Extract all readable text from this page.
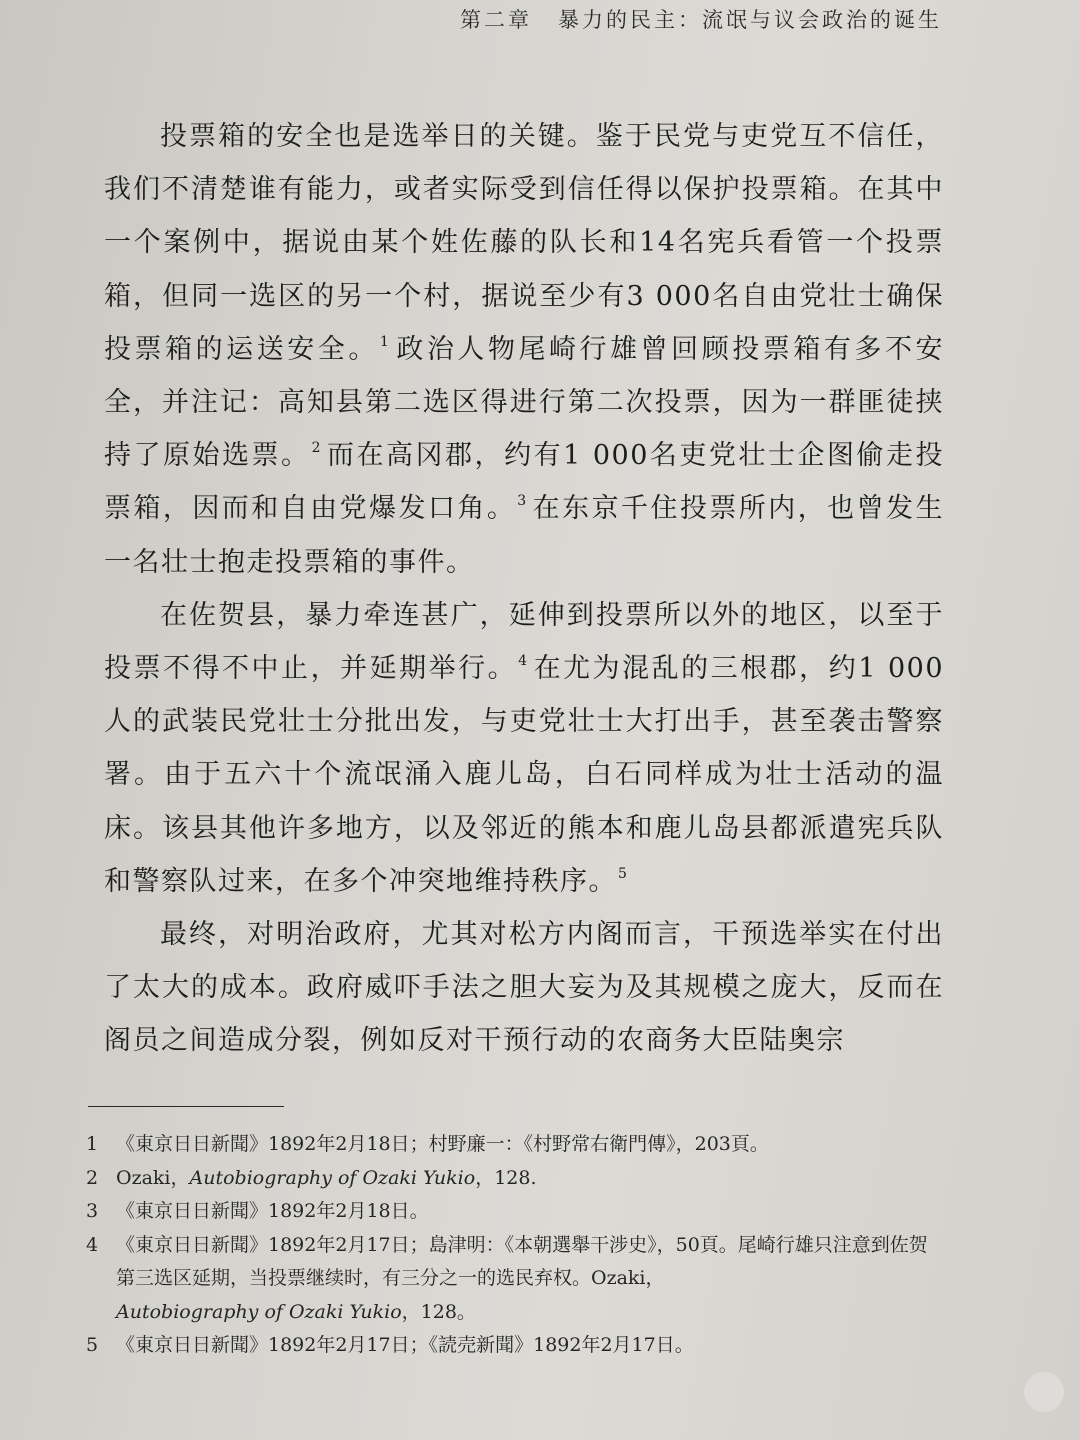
第二章 暴力的民主：流氓与议会政治的诞生

投票箱的安全也是选举日的关键。鉴于民党与吏党互不信任，我们不清楚谁有能力，或者实际受到信任得以保护投票箱。在其中一个案例中，据说由某个姓佐藤的队长和14名宪兵看管一个投票箱，但同一选区的另一个村，据说至少有3 000名自由党壮士确保投票箱的运送安全。$^1$ 政治人物尾崎行雄曾回顾投票箱有多不安全，并注记：高知县第二选区得进行第二次投票，因为一群匪徒挟持了原始选票。$^2$ 而在高冈郡，约有1 000名吏党壮士企图偷走投票箱，因而和自由党爆发口角。$^3$ 在东京千住投票所内，也曾发生一名壮士抱走投票箱的事件。

在佐贺县，暴力牵连甚广，延伸到投票所以外的地区，以至于投票不得不中止，并延期举行。$^4$ 在尤为混乱的三根郡，约1 000人的武装民党壮士分批出发，与吏党壮士大打出手，甚至袭击警察署。由于五六十个流氓涌入鹿儿岛，白石同样成为壮士活动的温床。该县其他许多地方，以及邻近的熊本和鹿儿岛县都派遣宪兵队和警察队过来，在多个冲突地维持秩序。$^5$

最终，对明治政府，尤其对松方内阁而言，干预选举实在付出了太大的成本。政府威吓手法之胆大妄为及其规模之庞大，反而在阁员之间造成分裂，例如反对干预行动的农商务大臣陆奥宗

1 《東京日日新聞》1892年2月18日；村野廉一：《村野常右衛門傳》，203頁。
2 Ozaki，Autobiography of Ozaki Yukio，128.
3 《東京日日新聞》1892年2月18日。
4 《東京日日新聞》1892年2月17日；島津明：《本朝選舉干涉史》，50頁。尾崎行雄只注意到佐贺第三选区延期，当投票继续时，有三分之一的选民弃权。Ozaki，
Autobiography of Ozaki Yukio，128。
5 《東京日日新聞》1892年2月17日；《読売新聞》1892年2月17日。
